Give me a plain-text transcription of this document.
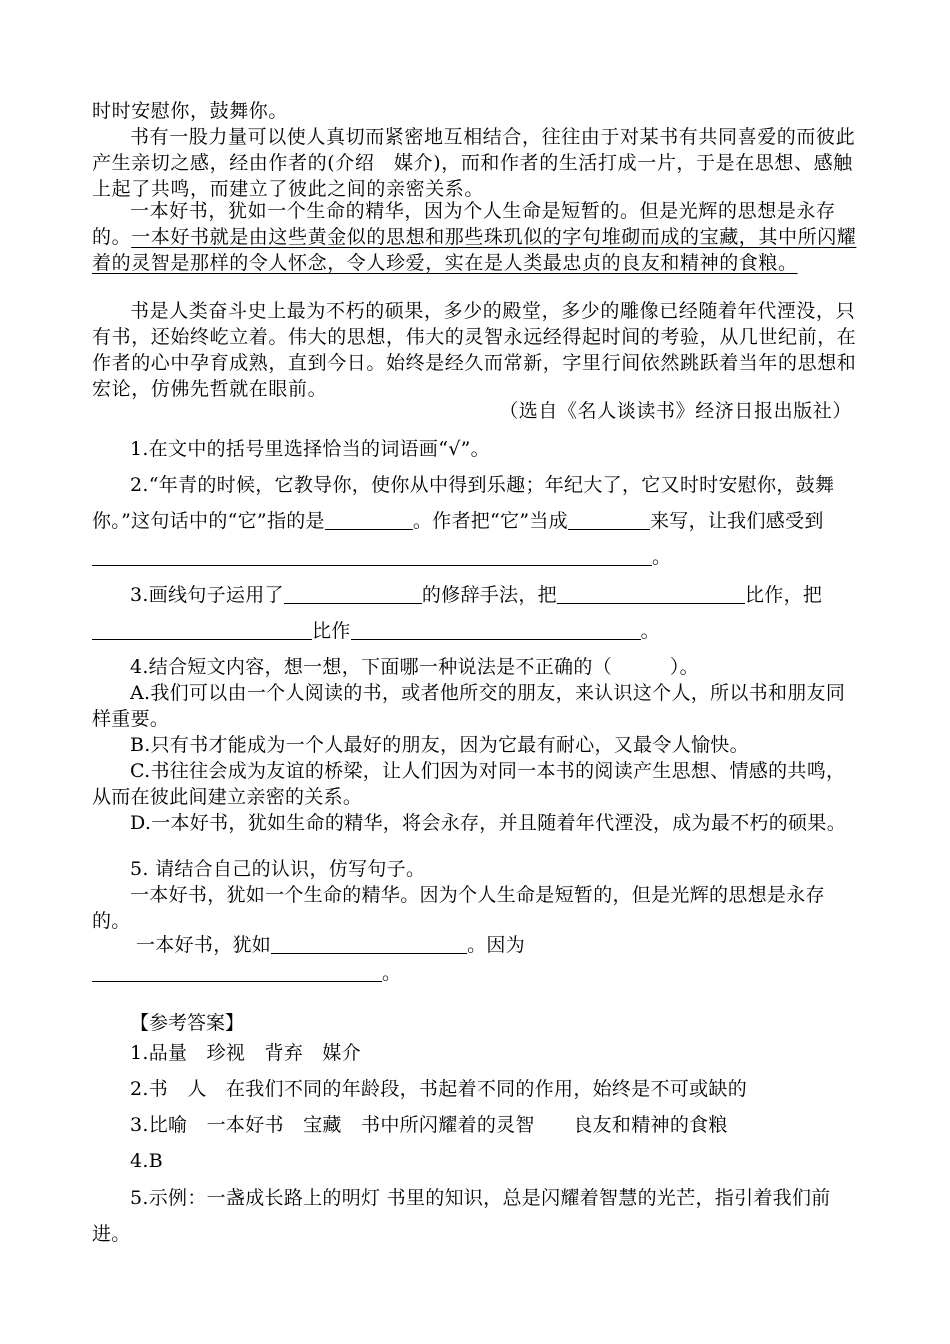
时时安慰你，鼓舞你。

书有一股力量可以使人真切而紧密地互相结合，往往由于对某书有共同喜爱的而彼此产生亲切之感，经由作者的(介绍　媒介)，而和作者的生活打成一片，于是在思想、感触上起了共鸣，而建立了彼此之间的亲密关系。

一本好书，犹如一个生命的精华，因为个人生命是短暂的。但是光辉的思想是永存的。一本好书就是由这些黄金似的思想和那些珠玑似的字句堆砌而成的宝藏，其中所闪耀着的灵智是那样的令人怀念，令人珍爱，实在是人类最忠贞的良友和精神的食粮。

书是人类奋斗史上最为不朽的硕果，多少的殿堂，多少的雕像已经随着年代湮没，只有书，还始终屹立着。伟大的思想，伟大的灵智永远经得起时间的考验，从几世纪前，在作者的心中孕育成熟，直到今日。始终是经久而常新，字里行间依然跳跃着当年的思想和宏论，仿佛先哲就在眼前。

（选自《名人谈读书》经济日报出版社）

1.在文中的括号里选择恰当的词语画“√”。

2.“年青的时候，它教导你，使你从中得到乐趣；年纪大了，它又时时安慰你，鼓舞你。”这句话中的“它”指的是	。作者把“它”当成	来写，让我们感受到。

3.画线句子运用了	的修辞手法，把	比作，把比作	。

4.结合短文内容，想一想，下面哪一种说法是不正确的（　　　）。

A.我们可以由一个人阅读的书，或者他所交的朋友，来认识这个人，所以书和朋友同样重要。

B.只有书才能成为一个人最好的朋友，因为它最有耐心，又最令人愉快。

C.书往往会成为友谊的桥梁，让人们因为对同一本书的阅读产生思想、情感的共鸣，从而在彼此间建立亲密的关系。

D.一本好书，犹如生命的精华，将会永存，并且随着年代湮没，成为最不朽的硕果。

5. 请结合自己的认识，仿写句子。

一本好书，犹如一个生命的精华。因为个人生命是短暂的，但是光辉的思想是永存的。

一本好书，犹如	。因为

。

【参考答案】

1.品量　珍视　背弃　媒介

2.书　人　在我们不同的年龄段，书起着不同的作用，始终是不可或缺的

3.比喻　一本好书　宝藏　书中所闪耀着的灵智　　良友和精神的食粮

4.B

5.示例：一盏成长路上的明灯 书里的知识，总是闪耀着智慧的光芒，指引着我们前进。
